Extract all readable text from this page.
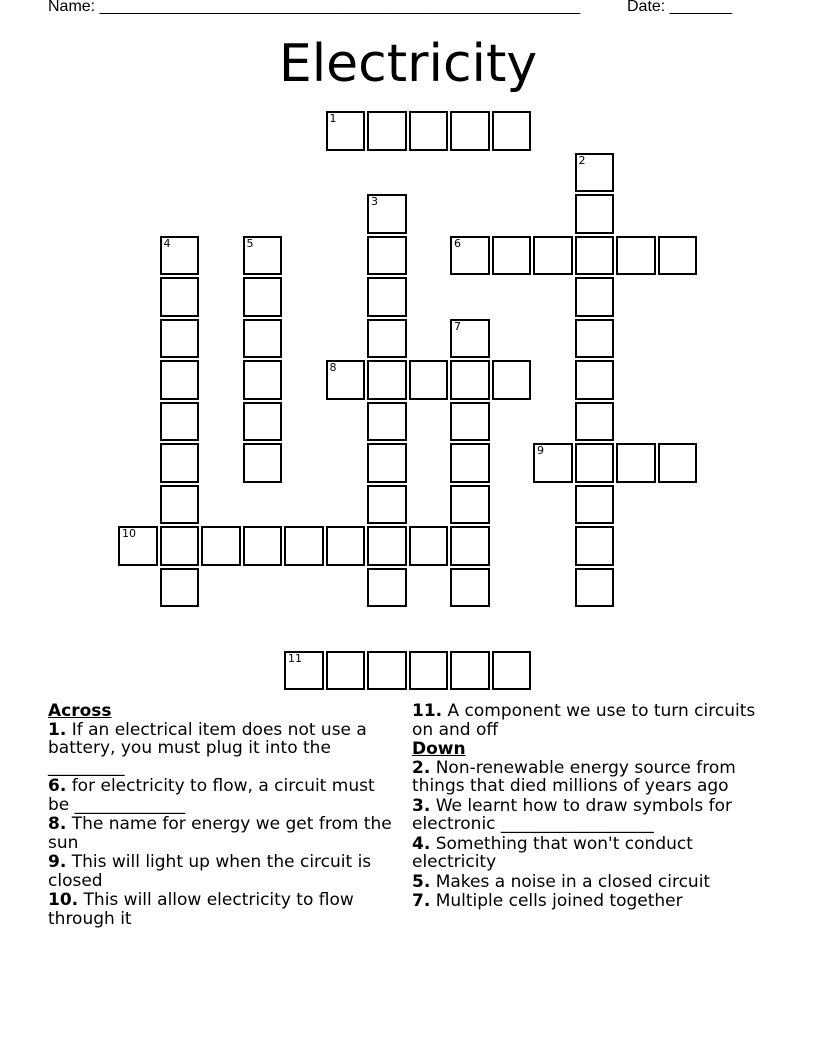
Name: ______________________________________________________	Date: _______
Electricity
1
2
3
4	5	6
7
8
9
10
11
Across
1. If an electrical item does not use a battery, you must plug it into the _________
6. for electricity to flow, a circuit must be _____________
8. The name for energy we get from the sun
9. This will light up when the circuit is closed
10. This will allow electricity to flow through it
11. A component we use to turn circuits on and off
Down
2. Non-renewable energy source from things that died millions of years ago
3. We learnt how to draw symbols for electronic __________________
4. Something that won't conduct electricity
5. Makes a noise in a closed circuit
7. Multiple cells joined together
